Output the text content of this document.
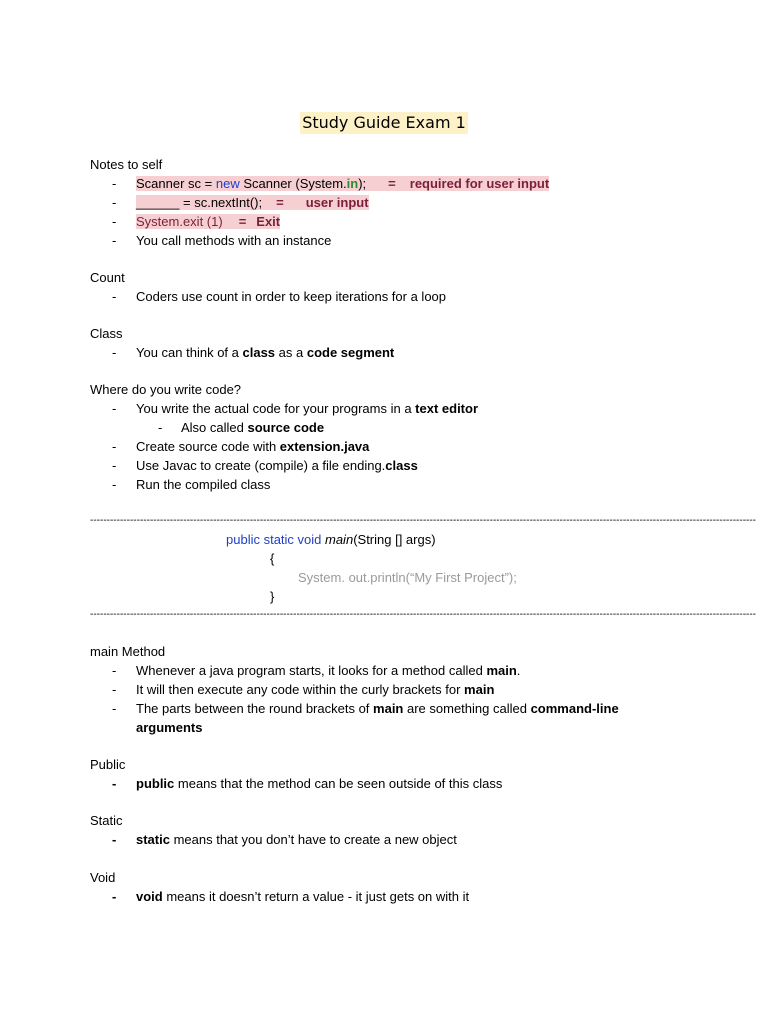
Study Guide Exam 1
Notes to self
- Scanner sc = new Scanner (System.in); = required for user input
- ______ = sc.nextInt(); = user input
- System.exit (1) = Exit
- You call methods with an instance
Count
- Coders use count in order to keep iterations for a loop
Class
- You can think of a class as a code segment
Where do you write code?
- You write the actual code for your programs in a text editor
- Also called source code
- Create source code with extension.java
- Use Javac to create (compile) a file ending.class
- Run the compiled class
--------------------------------------------------------------------------------------------------------------------------------------------------------------------------------------------------------
public static void main(String [] args)
{
System. out.println(“My First Project”);
}
--------------------------------------------------------------------------------------------------------------------------------------------------------------------------------------------------------
main Method
- Whenever a java program starts, it looks for a method called main.
- It will then execute any code within the curly brackets for main
- The parts between the round brackets of main are something called command-line arguments
Public
- public means that the method can be seen outside of this class
Static
- static means that you don’t have to create a new object
Void
- void means it doesn’t return a value - it just gets on with it
